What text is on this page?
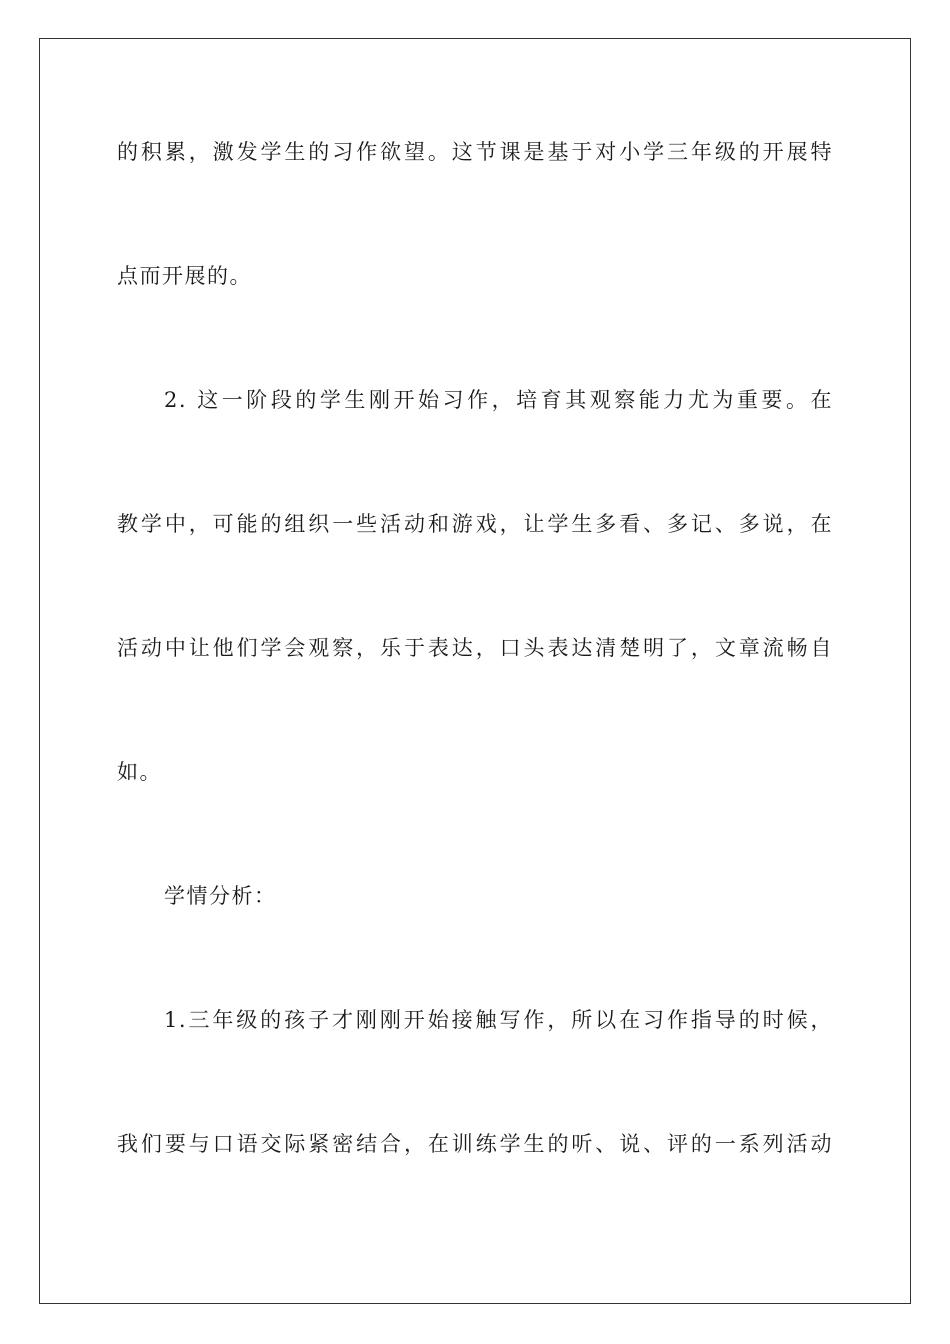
的积累，激发学生的习作欲望。这节课是基于对小学三年级的开展特
点而开展的。
2. 这一阶段的学生刚开始习作，培育其观察能力尤为重要。在
教学中，可能的组织一些活动和游戏，让学生多看、多记、多说，在
活动中让他们学会观察，乐于表达，口头表达清楚明了，文章流畅自
如。
学情分析：
1.三年级的孩子才刚刚开始接触写作，所以在习作指导的时候，
我们要与口语交际紧密结合，在训练学生的听、说、评的一系列活动
